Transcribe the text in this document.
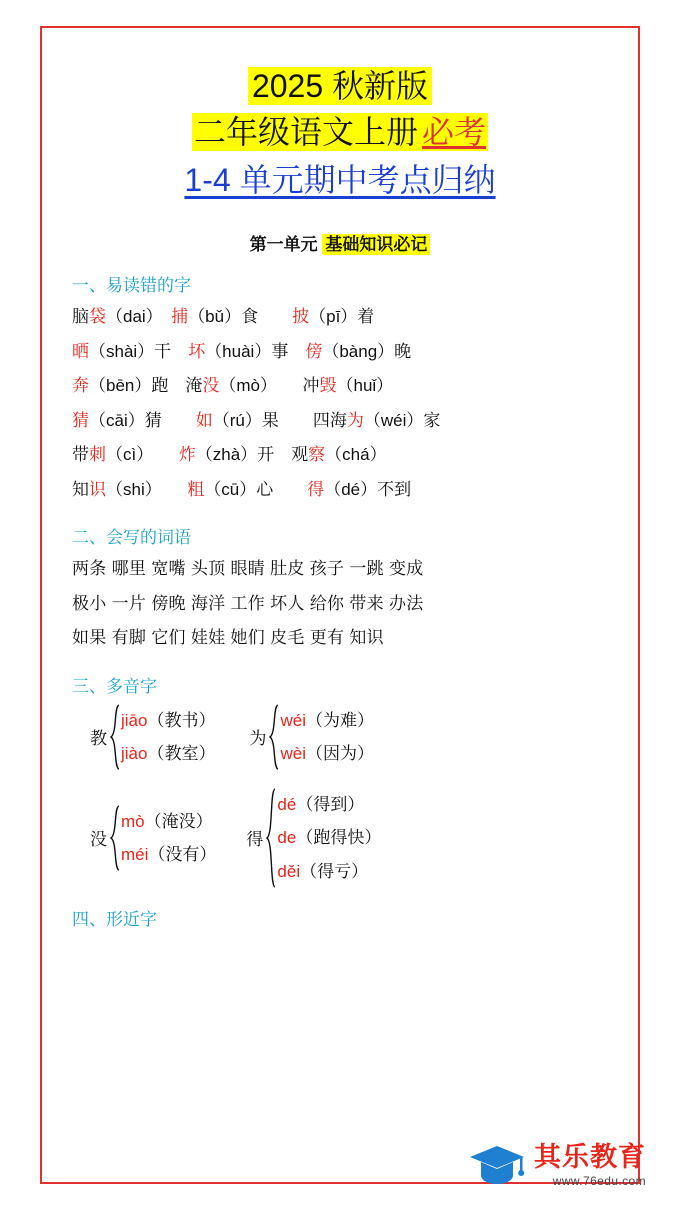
2025 秋新版
二年级语文上册 必考
1-4 单元期中考点归纳
第一单元 基础知识必记
一、易读错的字
脑袋（dai）　 捕（bǔ）食　　 披（pī）着
晒（shài）干　 坏（huài）事　 傍（bàng）晚
奔（bēn）跑　 淹没（mò）　　 冲毁（huǐ）
猜（cāi）猜　　 如（rú）果　　 四海为（wéi）家
带刺（cì）　　 炸（zhà）开　 观察（chá）
知识（shi）　　 粗（cū）心　　 得（dé）不到
二、会写的词语
两条 哪里 宽嘴 头顶 眼睛 肚皮 孩子 一跳 变成
极小 一片 傍晚 海洋 工作 坏人 给你 带来 办法
如果 有脚 它们 娃娃 她们 皮毛 更有 知识
三、多音字
教
jiāo（教书）
jiào（教室）
为
wéi（为难）
wèi（因为）
没
mò（淹没）
méi（没有）
得
dé（得到）
de（跑得快）
děi（得亏）
四、形近字
其乐教育
www.76edu.com
